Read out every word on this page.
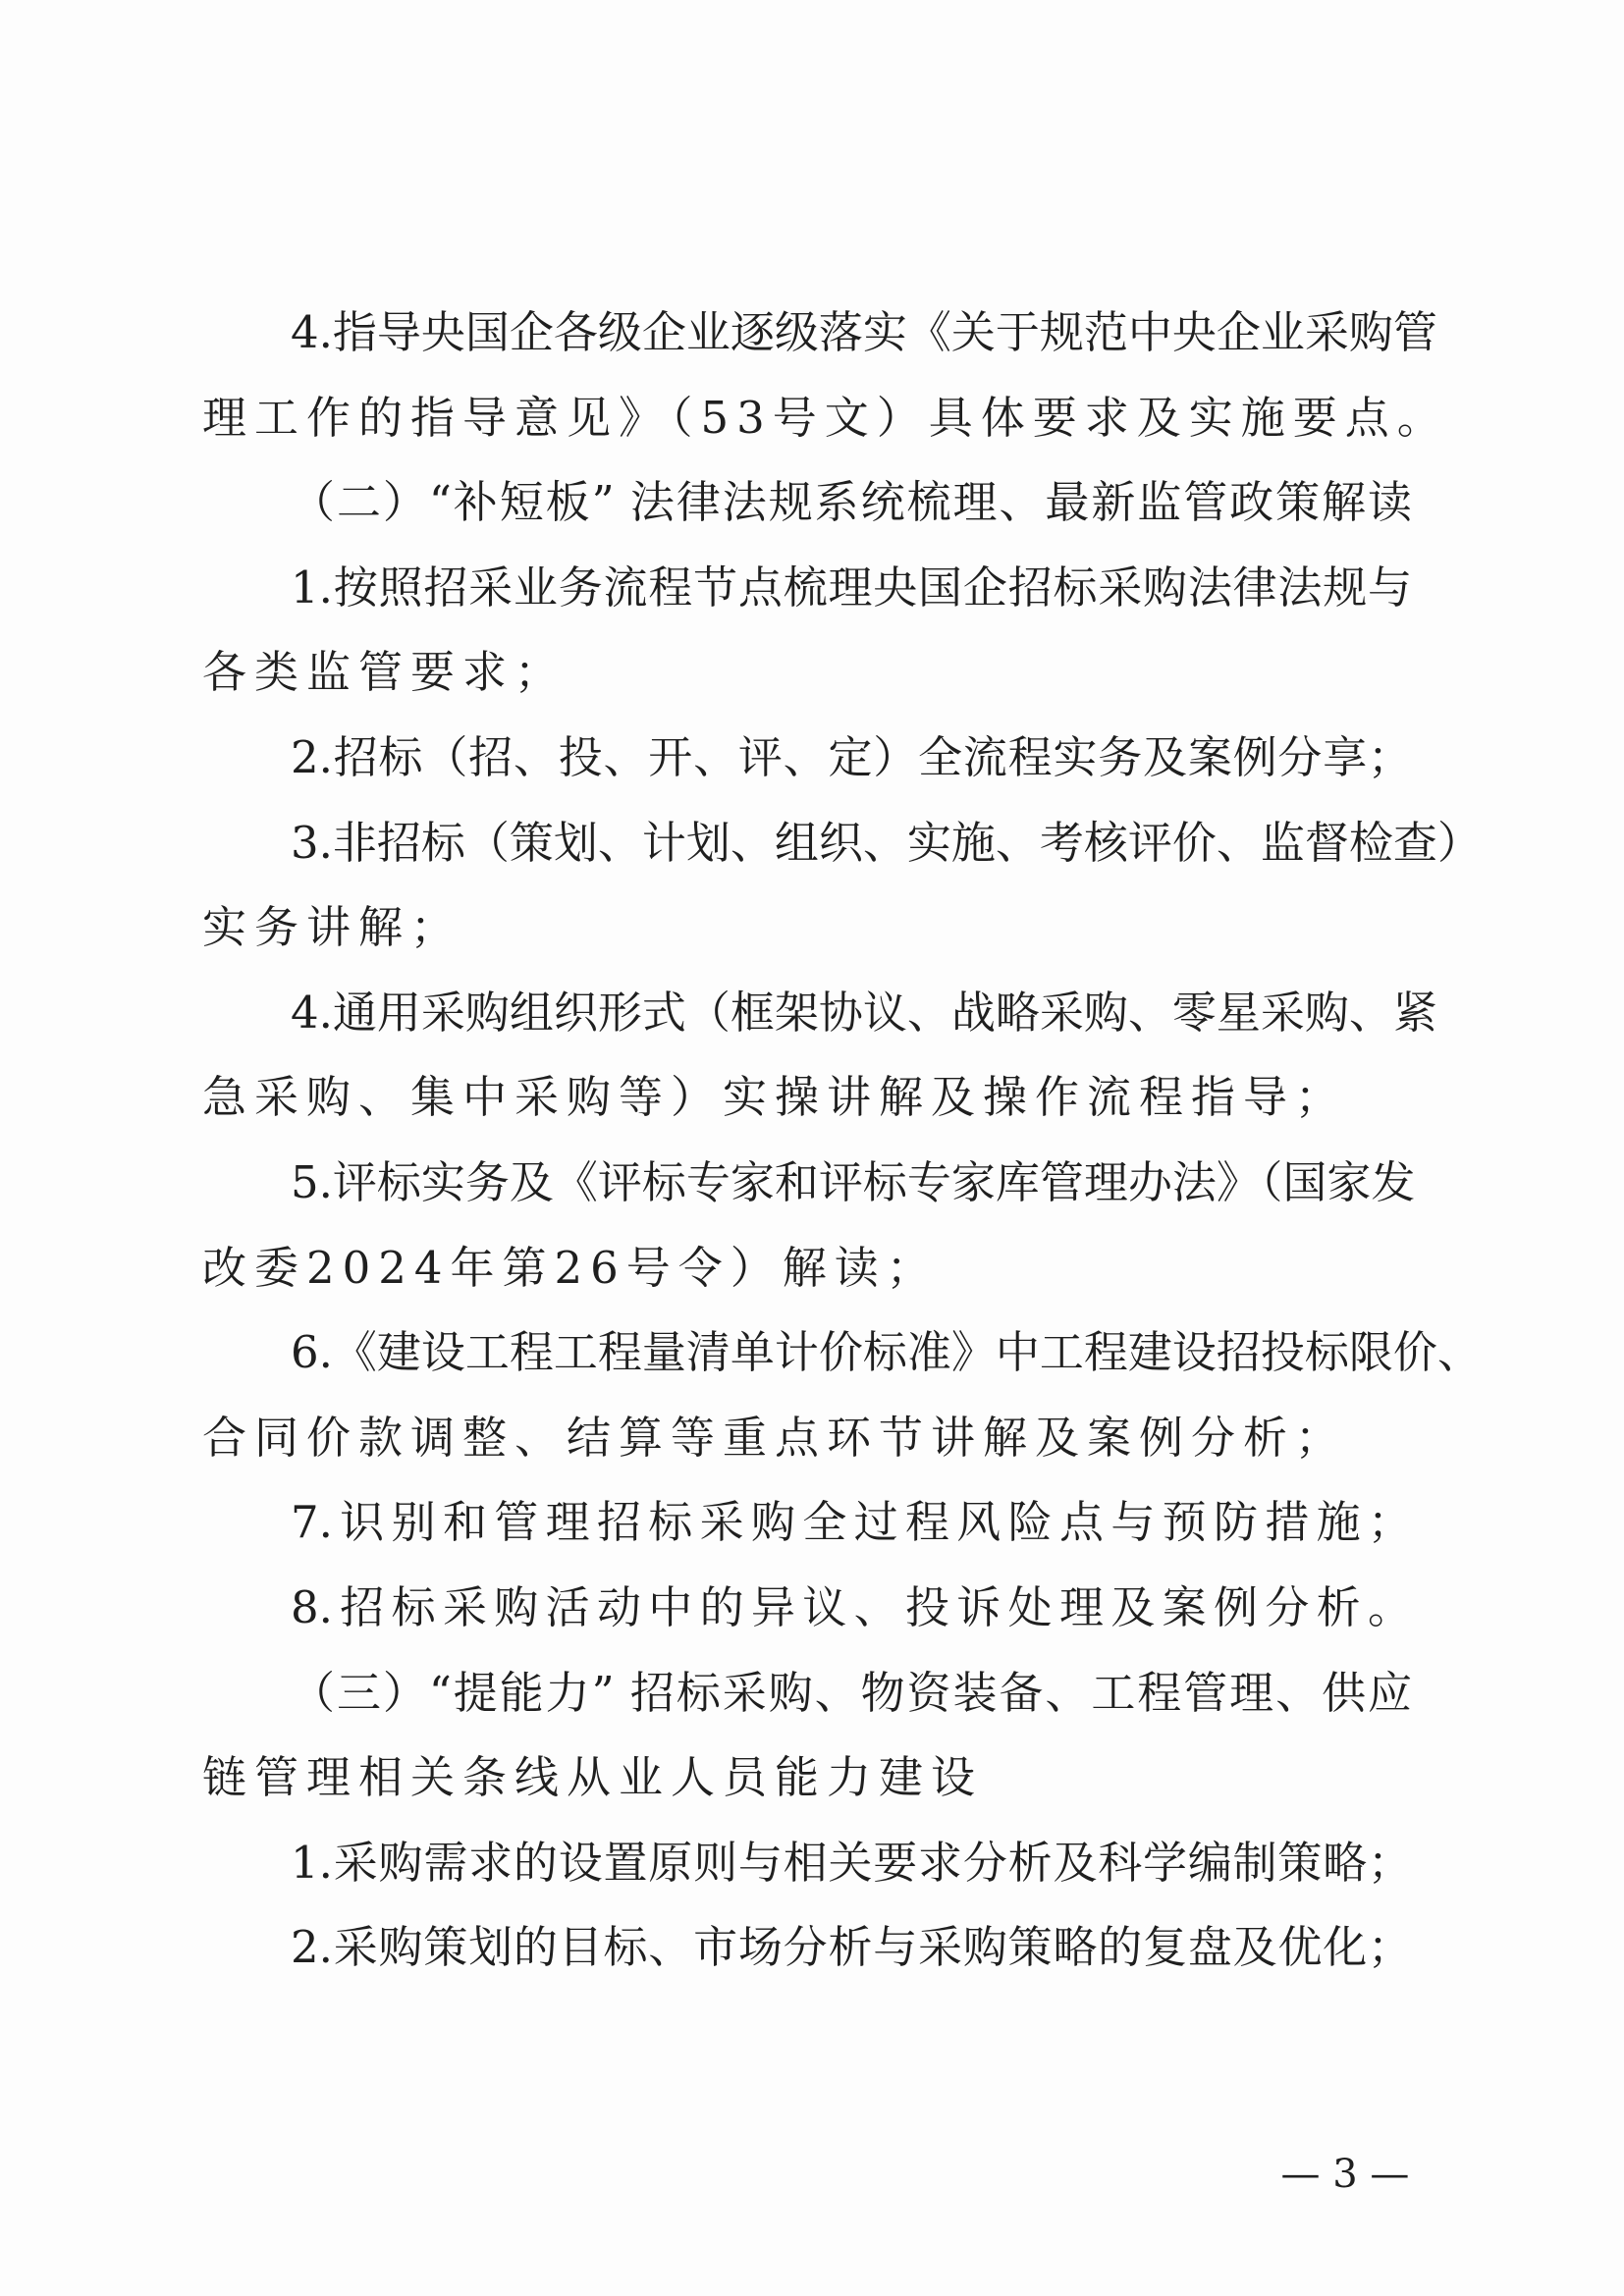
4.指导央国企各级企业逐级落实《关于规范中央企业采购管
理工作的指导意见》（53号文）具体要求及实施要点。
（二）“补短板” 法律法规系统梳理、最新监管政策解读
1.按照招采业务流程节点梳理央国企招标采购法律法规与
各类监管要求；
2.招标（招、投、开、评、定）全流程实务及案例分享；
3.非招标（策划、计划、组织、实施、考核评价、监督检查）
实务讲解；
4.通用采购组织形式（框架协议、战略采购、零星采购、紧
急采购、集中采购等）实操讲解及操作流程指导；
5.评标实务及《评标专家和评标专家库管理办法》（国家发
改委2024年第26号令）解读；
6.《建设工程工程量清单计价标准》中工程建设招投标限价、
合同价款调整、结算等重点环节讲解及案例分析；
7.识别和管理招标采购全过程风险点与预防措施；
8.招标采购活动中的异议、投诉处理及案例分析。
（三）“提能力” 招标采购、物资装备、工程管理、供应
链管理相关条线从业人员能力建设
1.采购需求的设置原则与相关要求分析及科学编制策略；
2.采购策划的目标、市场分析与采购策略的复盘及优化；
— 3 —
